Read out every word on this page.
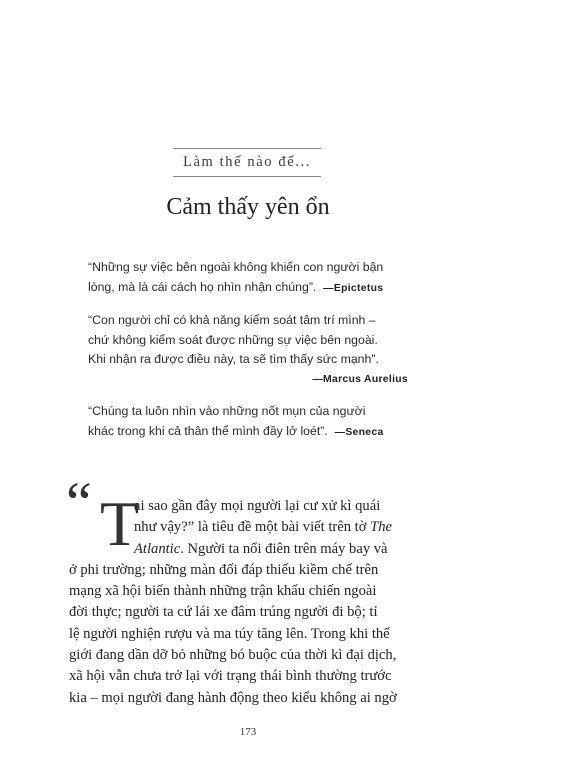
Làm thế nào để...
Cảm thấy yên ổn
“Những sự việc bên ngoài không khiến con người bận
lòng, mà là cái cách họ nhìn nhận chúng”. —Epictetus
“Con người chỉ có khả năng kiểm soát tâm trí mình –
chứ không kiểm soát được những sự việc bên ngoài.
Khi nhận ra được điều này, ta sẽ tìm thấy sức mạnh”.
—Marcus Aurelius
“Chúng ta luôn nhìn vào những nốt mụn của người
khác trong khi cả thân thể mình đầy lở loét”. —Seneca
“ T
ại sao gần đây mọi người lại cư xử kì quái
như vậy?” là tiêu đề một bài viết trên tờ The
Atlantic. Người ta nổi điên trên máy bay và
ở phi trường; những màn đối đáp thiếu kiềm chế trên
mạng xã hội biến thành những trận khẩu chiến ngoài
đời thực; người ta cứ lái xe đâm trúng người đi bộ; tỉ
lệ người nghiện rượu và ma túy tăng lên. Trong khi thế
giới đang dần dỡ bỏ những bó buộc của thời kì đại dịch,
xã hội vẫn chưa trở lại với trạng thái bình thường trước
kia – mọi người đang hành động theo kiểu không ai ngờ
173
